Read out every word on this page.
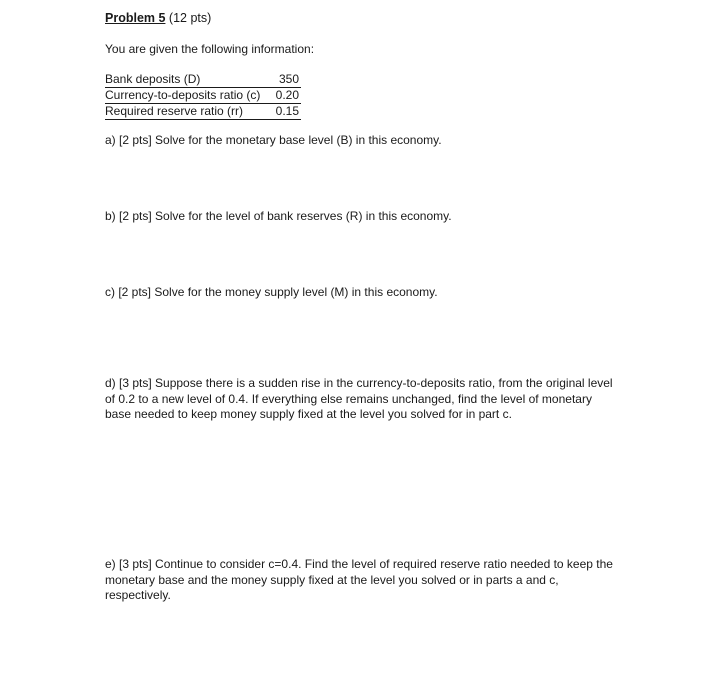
Problem 5 (12 pts)
You are given the following information:
Bank deposits (D)	350
Currency-to-deposits ratio (c) 0.20
Required reserve ratio (rr)	0.15
a) [2 pts] Solve for the monetary base level (B) in this economy.
b) [2 pts] Solve for the level of bank reserves (R) in this economy.
c) [2 pts] Solve for the money supply level (M) in this economy.
d) [3 pts] Suppose there is a sudden rise in the currency-to-deposits ratio, from the original level of 0.2 to a new level of 0.4. If everything else remains unchanged, find the level of monetary base needed to keep money supply fixed at the level you solved for in part c.
e) [3 pts] Continue to consider c=0.4. Find the level of required reserve ratio needed to keep the monetary base and the money supply fixed at the level you solved or in parts a and c, respectively.
